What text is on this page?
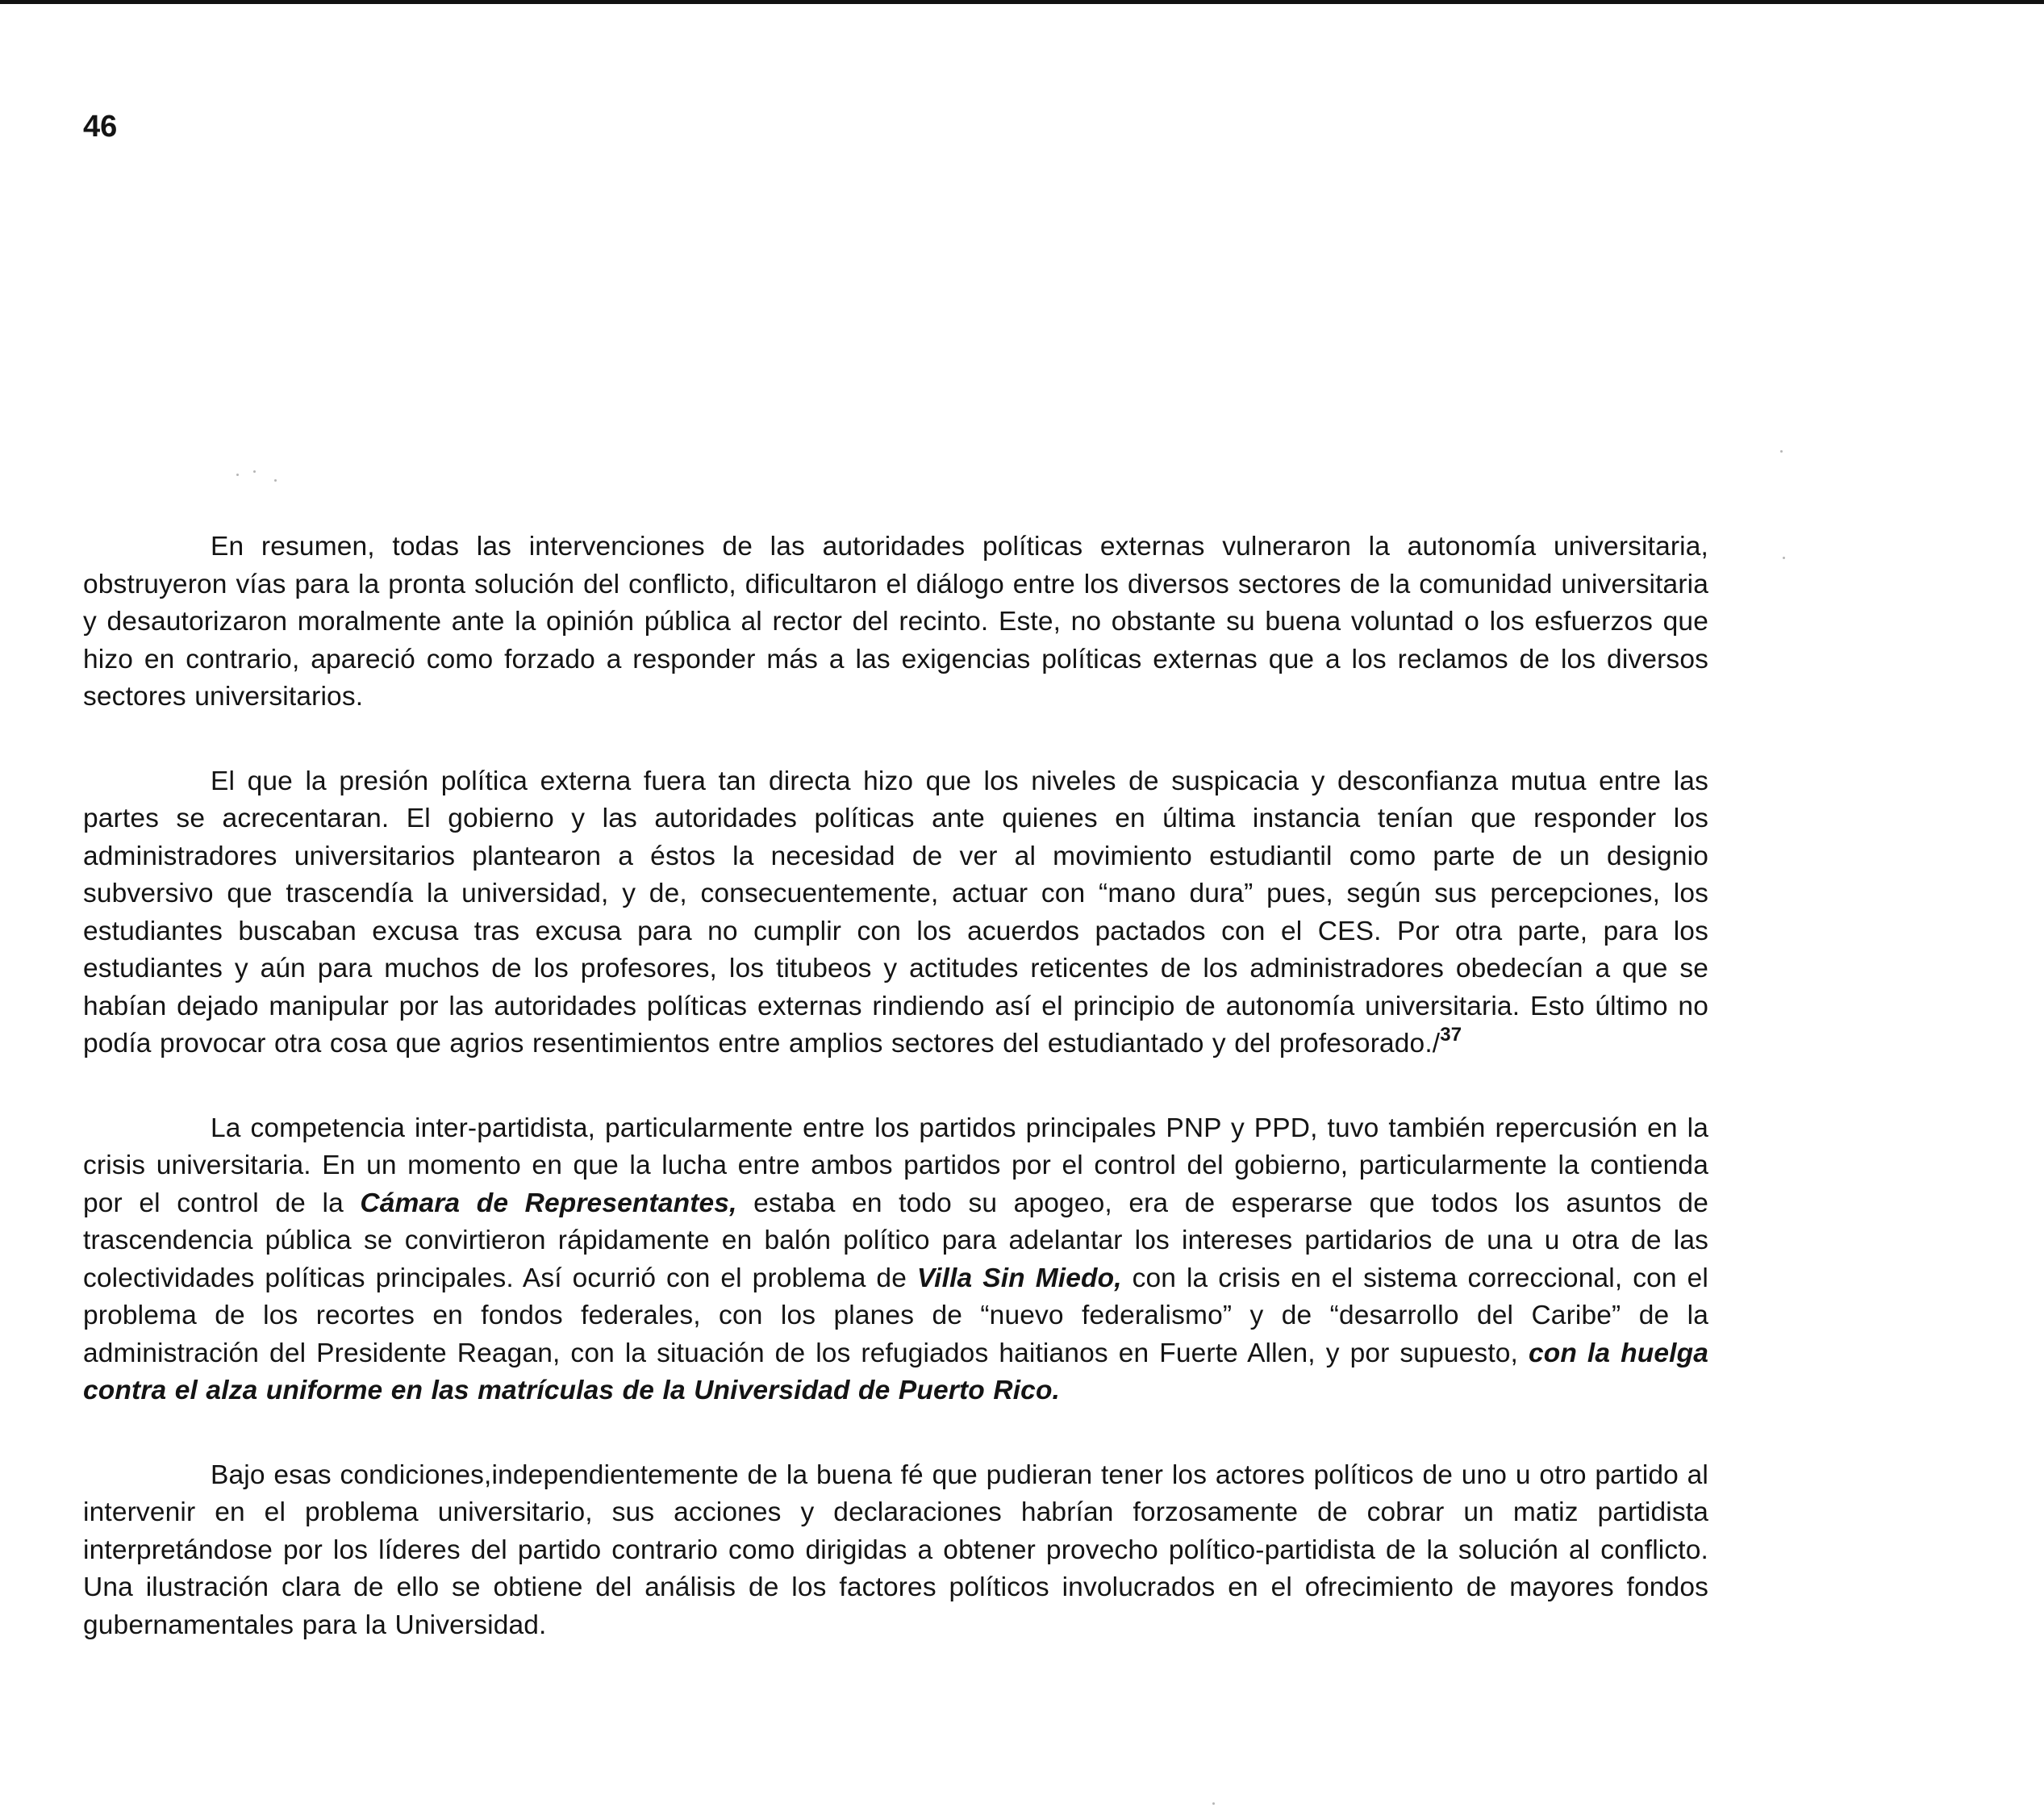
46

En resumen, todas las intervenciones de las autoridades políticas externas vulneraron la autonomía universitaria, obstruyeron vías para la pronta solución del conflicto, dificultaron el diálogo entre los diversos sectores de la comunidad universitaria y desautorizaron moralmente ante la opinión pública al rector del recinto. Este, no obstante su buena voluntad o los esfuerzos que hizo en contrario, apareció como forzado a responder más a las exigencias políticas externas que a los reclamos de los diversos sectores universitarios.

El que la presión política externa fuera tan directa hizo que los niveles de suspicacia y desconfianza mutua entre las partes se acrecentaran. El gobierno y las autoridades políticas ante quienes en última instancia tenían que responder los administradores universitarios plantearon a éstos la necesidad de ver al movimiento estudiantil como parte de un designio subversivo que trascendía la universidad, y de, consecuentemente, actuar con “mano dura” pues, según sus percepciones, los estudiantes buscaban excusa tras excusa para no cumplir con los acuerdos pactados con el CES. Por otra parte, para los estudiantes y aún para muchos de los profesores, los titubeos y actitudes reticentes de los administradores obedecían a que se habían dejado manipular por las autoridades políticas externas rindiendo así el principio de autonomía universitaria. Esto último no podía provocar otra cosa que agrios resentimientos entre amplios sectores del estudiantado y del profesorado./$^{37}$

La competencia inter-partidista, particularmente entre los partidos principales PNP y PPD, tuvo también repercusión en la crisis universitaria. En un momento en que la lucha entre ambos partidos por el control del gobierno, particularmente la contienda por el control de la Cámara de Representantes, estaba en todo su apogeo, era de esperarse que todos los asuntos de trascendencia pública se convirtieron rápidamente en balón político para adelantar los intereses partidarios de una u otra de las colectividades políticas principales. Así ocurrió con el problema de Villa Sin Miedo, con la crisis en el sistema correccional, con el problema de los recortes en fondos federales, con los planes de “nuevo federalismo” y de “desarrollo del Caribe” de la administración del Presidente Reagan, con la situación de los refugiados haitianos en Fuerte Allen, y por supuesto, con la huelga contra el alza uniforme en las matrículas de la Universidad de Puerto Rico.

Bajo esas condiciones,independientemente de la buena fé que pudieran tener los actores políticos de uno u otro partido al intervenir en el problema universitario, sus acciones y declaraciones habrían forzosamente de cobrar un matiz partidista interpretándose por los líderes del partido contrario como dirigidas a obtener provecho político-partidista de la solución al conflicto. Una ilustración clara de ello se obtiene del análisis de los factores políticos involucrados en el ofrecimiento de mayores fondos gubernamentales para la Universidad.
